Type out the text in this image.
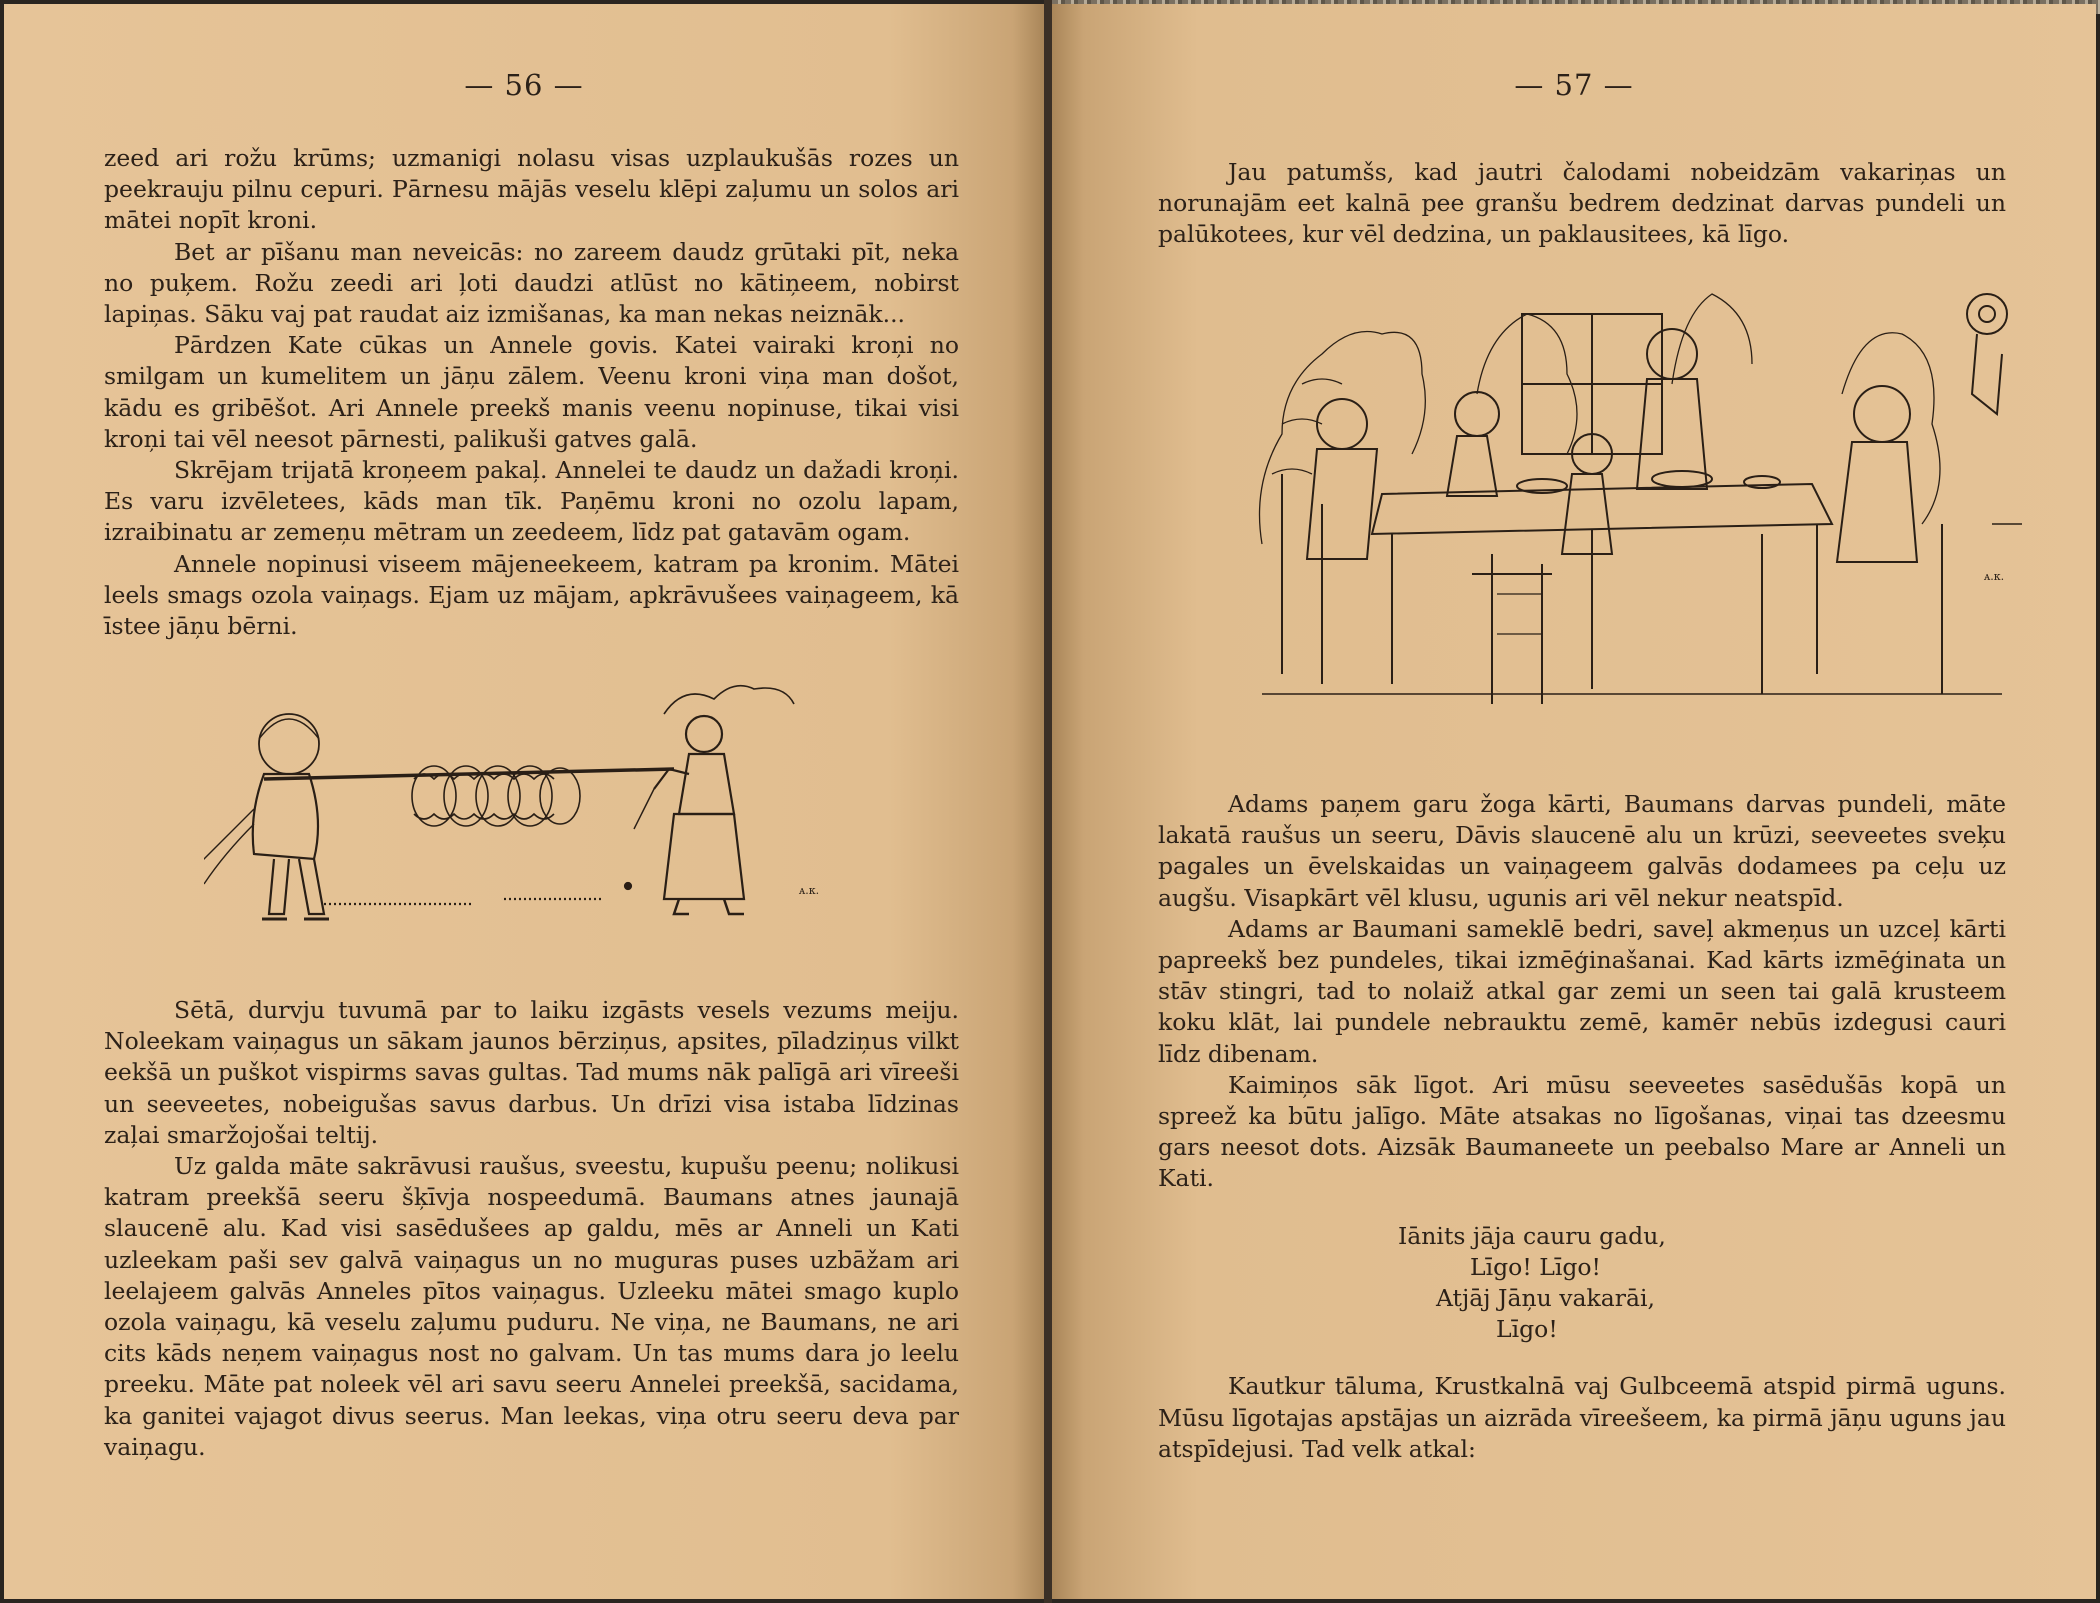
— 56 —

zeed ari rožu krūms; uzmanigi nolasu visas uzplaukušās rozes un peekrauju pilnu cepuri. Pārnesu mājās veselu klēpi zaļumu un solos ari mātei nopīt kroni.

Bet ar pīšanu man neveicās: no zareem daudz grūtaki pīt, neka no puķem. Rožu zeedi ari ļoti daudzi atlūst no kātiņeem, nobirst lapiņas. Sāku vaj pat raudat aiz izmišanas, ka man nekas neiznāk...

Pārdzen Kate cūkas un Annele govis. Katei vairaki kroņi no smilgam un kumelitem un jāņu zālem. Veenu kroni viņa man došot, kādu es gribēšot. Ari Annele preekš manis veenu nopinuse, tikai visi kroņi tai vēl neesot pārnesti, palikuši gatves galā.

Skrējam trijatā kroņeem pakaļ. Annelei te daudz un dažadi kroņi. Es varu izvēletees, kāds man tīk. Paņēmu kroni no ozolu lapam, izraibinatu ar zemeņu mētram un zeedeem, līdz pat gatavām ogam.

Annele nopinusi viseem mājeneekeem, katram pa kronim. Mātei leels smags ozola vaiņags. Ejam uz mājam, apkrāvušees vaiņageem, kā īstee jāņu bērni.

ᴀ.ᴋ.

Sētā, durvju tuvumā par to laiku izgāsts vesels vezums meiju. Noleekam vaiņagus un sākam jaunos bērziņus, apsites, pīladziņus vilkt eekšā un puškot vispirms savas gultas. Tad mums nāk palīgā ari vīreeši un seeveetes, nobeigušas savus darbus. Un drīzi visa istaba līdzinas zaļai smaržojošai teltij.

Uz galda māte sakrāvusi raušus, sveestu, kupušu peenu; nolikusi katram preekšā seeru šķīvja nospeedumā. Baumans atnes jaunajā slaucenē alu. Kad visi sasēdušees ap galdu, mēs ar Anneli un Kati uzleekam paši sev galvā vaiņagus un no muguras puses uzbāžam ari leelajeem galvās Anneles pītos vaiņagus. Uzleeku mātei smago kuplo ozola vaiņagu, kā veselu zaļumu puduru. Ne viņa, ne Baumans, ne ari cits kāds neņem vaiņagus nost no galvam. Un tas mums dara jo leelu preeku. Māte pat noleek vēl ari savu seeru Annelei preekšā, sacidama, ka ganitei vajagot divus seerus. Man leekas, viņa otru seeru deva par vaiņagu.

— 57 —

Jau patumšs, kad jautri čalodami nobeidzām vakariņas un norunajām eet kalnā pee granšu bedrem dedzinat darvas pundeli un palūkotees, kur vēl dedzina, un paklausitees, kā līgo.

ᴀ.ᴋ.

Adams paņem garu žoga kārti, Baumans darvas pundeli, māte lakatā raušus un seeru, Dāvis slaucenē alu un krūzi, seeveetes sveķu pagales un ēvelskaidas un vaiņageem galvās dodamees pa ceļu uz augšu. Visapkārt vēl klusu, ugunis ari vēl nekur neatspīd.

Adams ar Baumani sameklē bedri, saveļ akmeņus un uzceļ kārti papreekš bez pundeles, tikai izmēģinašanai. Kad kārts izmēģinata un stāv stingri, tad to nolaiž atkal gar zemi un seen tai galā krusteem koku klāt, lai pundele nebrauktu zemē, kamēr nebūs izdegusi cauri līdz dibenam.

Kaimiņos sāk līgot. Ari mūsu seeveetes sasēdušās kopā un spreež ka būtu jalīgo. Māte atsakas no līgošanas, viņai tas dzeesmu gars neesot dots. Aizsāk Baumaneete un peebalso Mare ar Anneli un Kati.

Iānits jāja cauru gadu,
Līgo! Līgo!
Atjāj Jāņu vakarāi,
Līgo!

Kautkur tāluma, Krustkalnā vaj Gulbceemā atspid pirmā uguns. Mūsu līgotajas apstājas un aizrāda vīreešeem, ka pirmā jāņu uguns jau atspīdejusi. Tad velk atkal:
